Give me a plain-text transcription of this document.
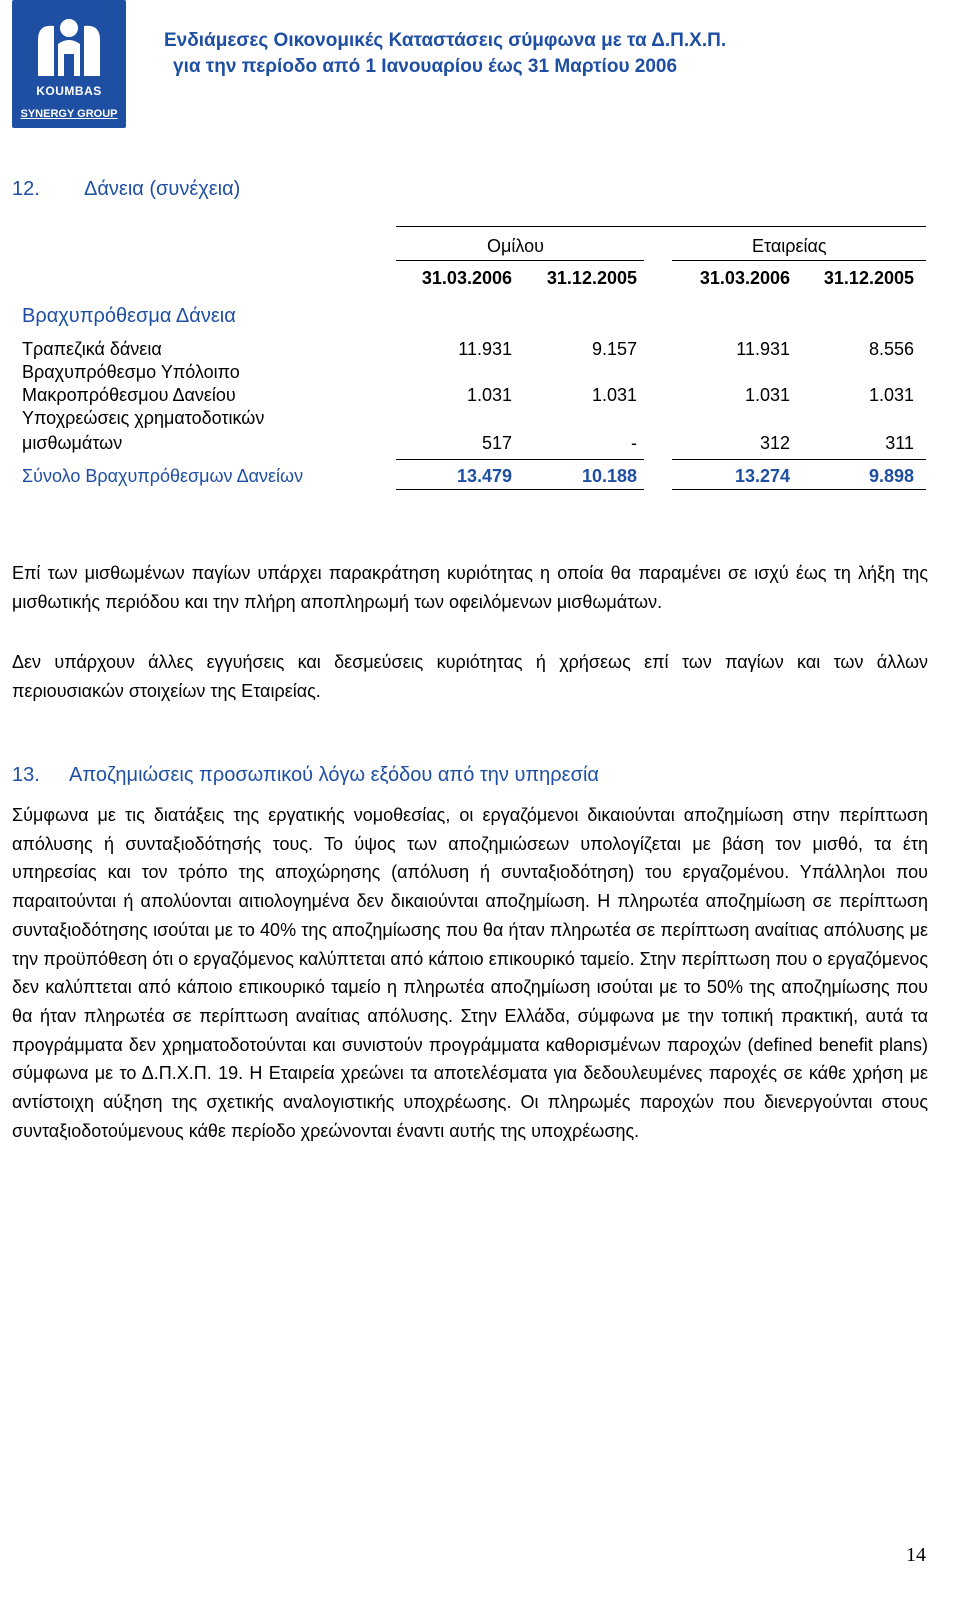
KOUMBAS
SYNERGY GROUP
Ενδιάμεσες Οικονομικές Καταστάσεις σύμφωνα με τα Δ.Π.Χ.Π.
για την περίοδο από 1 Ιανουαρίου έως 31 Μαρτίου 2006
12. Δάνεια (συνέχεια)
Ομίλου	Εταιρείας
31.03.2006	31.12.2005	31.03.2006	31.12.2005
Βραχυπρόθεσμα Δάνεια
Τραπεζικά δάνεια	11.931	9.157	11.931	8.556
Βραχυπρόθεσμο Υπόλοιπο
Μακροπρόθεσμου Δανείου	1.031	1.031	1.031	1.031
Υποχρεώσεις χρηματοδοτικών
μισθωμάτων	517	-	312	311
Σύνολο Βραχυπρόθεσμων Δανείων	13.479	10.188	13.274	9.898
Επί των μισθωμένων παγίων υπάρχει παρακράτηση κυριότητας η οποία θα παραμένει σε ισχύ έως τη λήξη της μισθωτικής περιόδου και την πλήρη αποπληρωμή των οφειλόμενων μισθωμάτων.
Δεν υπάρχουν άλλες εγγυήσεις και δεσμεύσεις κυριότητας ή χρήσεως επί των παγίων και των άλλων περιουσιακών στοιχείων της Εταιρείας.
13. Αποζημιώσεις προσωπικού λόγω εξόδου από την υπηρεσία
Σύμφωνα με τις διατάξεις της εργατικής νομοθεσίας, οι εργαζόμενοι δικαιούνται αποζημίωση στην περίπτωση απόλυσης ή συνταξιοδότησής τους. Το ύψος των αποζημιώσεων υπολογίζεται με βάση τον μισθό, τα έτη υπηρεσίας και τον τρόπο της αποχώρησης (απόλυση ή συνταξιοδότηση) του εργαζομένου. Υπάλληλοι που παραιτούνται ή απολύονται αιτιολογημένα δεν δικαιούνται αποζημίωση. Η πληρωτέα αποζημίωση σε περίπτωση συνταξιοδότησης ισούται με το 40% της αποζημίωσης που θα ήταν πληρωτέα σε περίπτωση αναίτιας απόλυσης με την προϋπόθεση ότι ο εργαζόμενος καλύπτεται από κάποιο επικουρικό ταμείο. Στην περίπτωση που ο εργαζόμενος δεν καλύπτεται από κάποιο επικουρικό ταμείο η πληρωτέα αποζημίωση ισούται με το 50% της αποζημίωσης που θα ήταν πληρωτέα σε περίπτωση αναίτιας απόλυσης. Στην Ελλάδα, σύμφωνα με την τοπική πρακτική, αυτά τα προγράμματα δεν χρηματοδοτούνται και συνιστούν προγράμματα καθορισμένων παροχών (defined benefit plans) σύμφωνα με το Δ.Π.Χ.Π. 19. Η Εταιρεία χρεώνει τα αποτελέσματα για δεδουλευμένες παροχές σε κάθε χρήση με αντίστοιχη αύξηση της σχετικής αναλογιστικής υποχρέωσης. Οι πληρωμές παροχών που διενεργούνται στους συνταξιοδοτούμενους κάθε περίοδο χρεώνονται έναντι αυτής της υποχρέωσης.
14
